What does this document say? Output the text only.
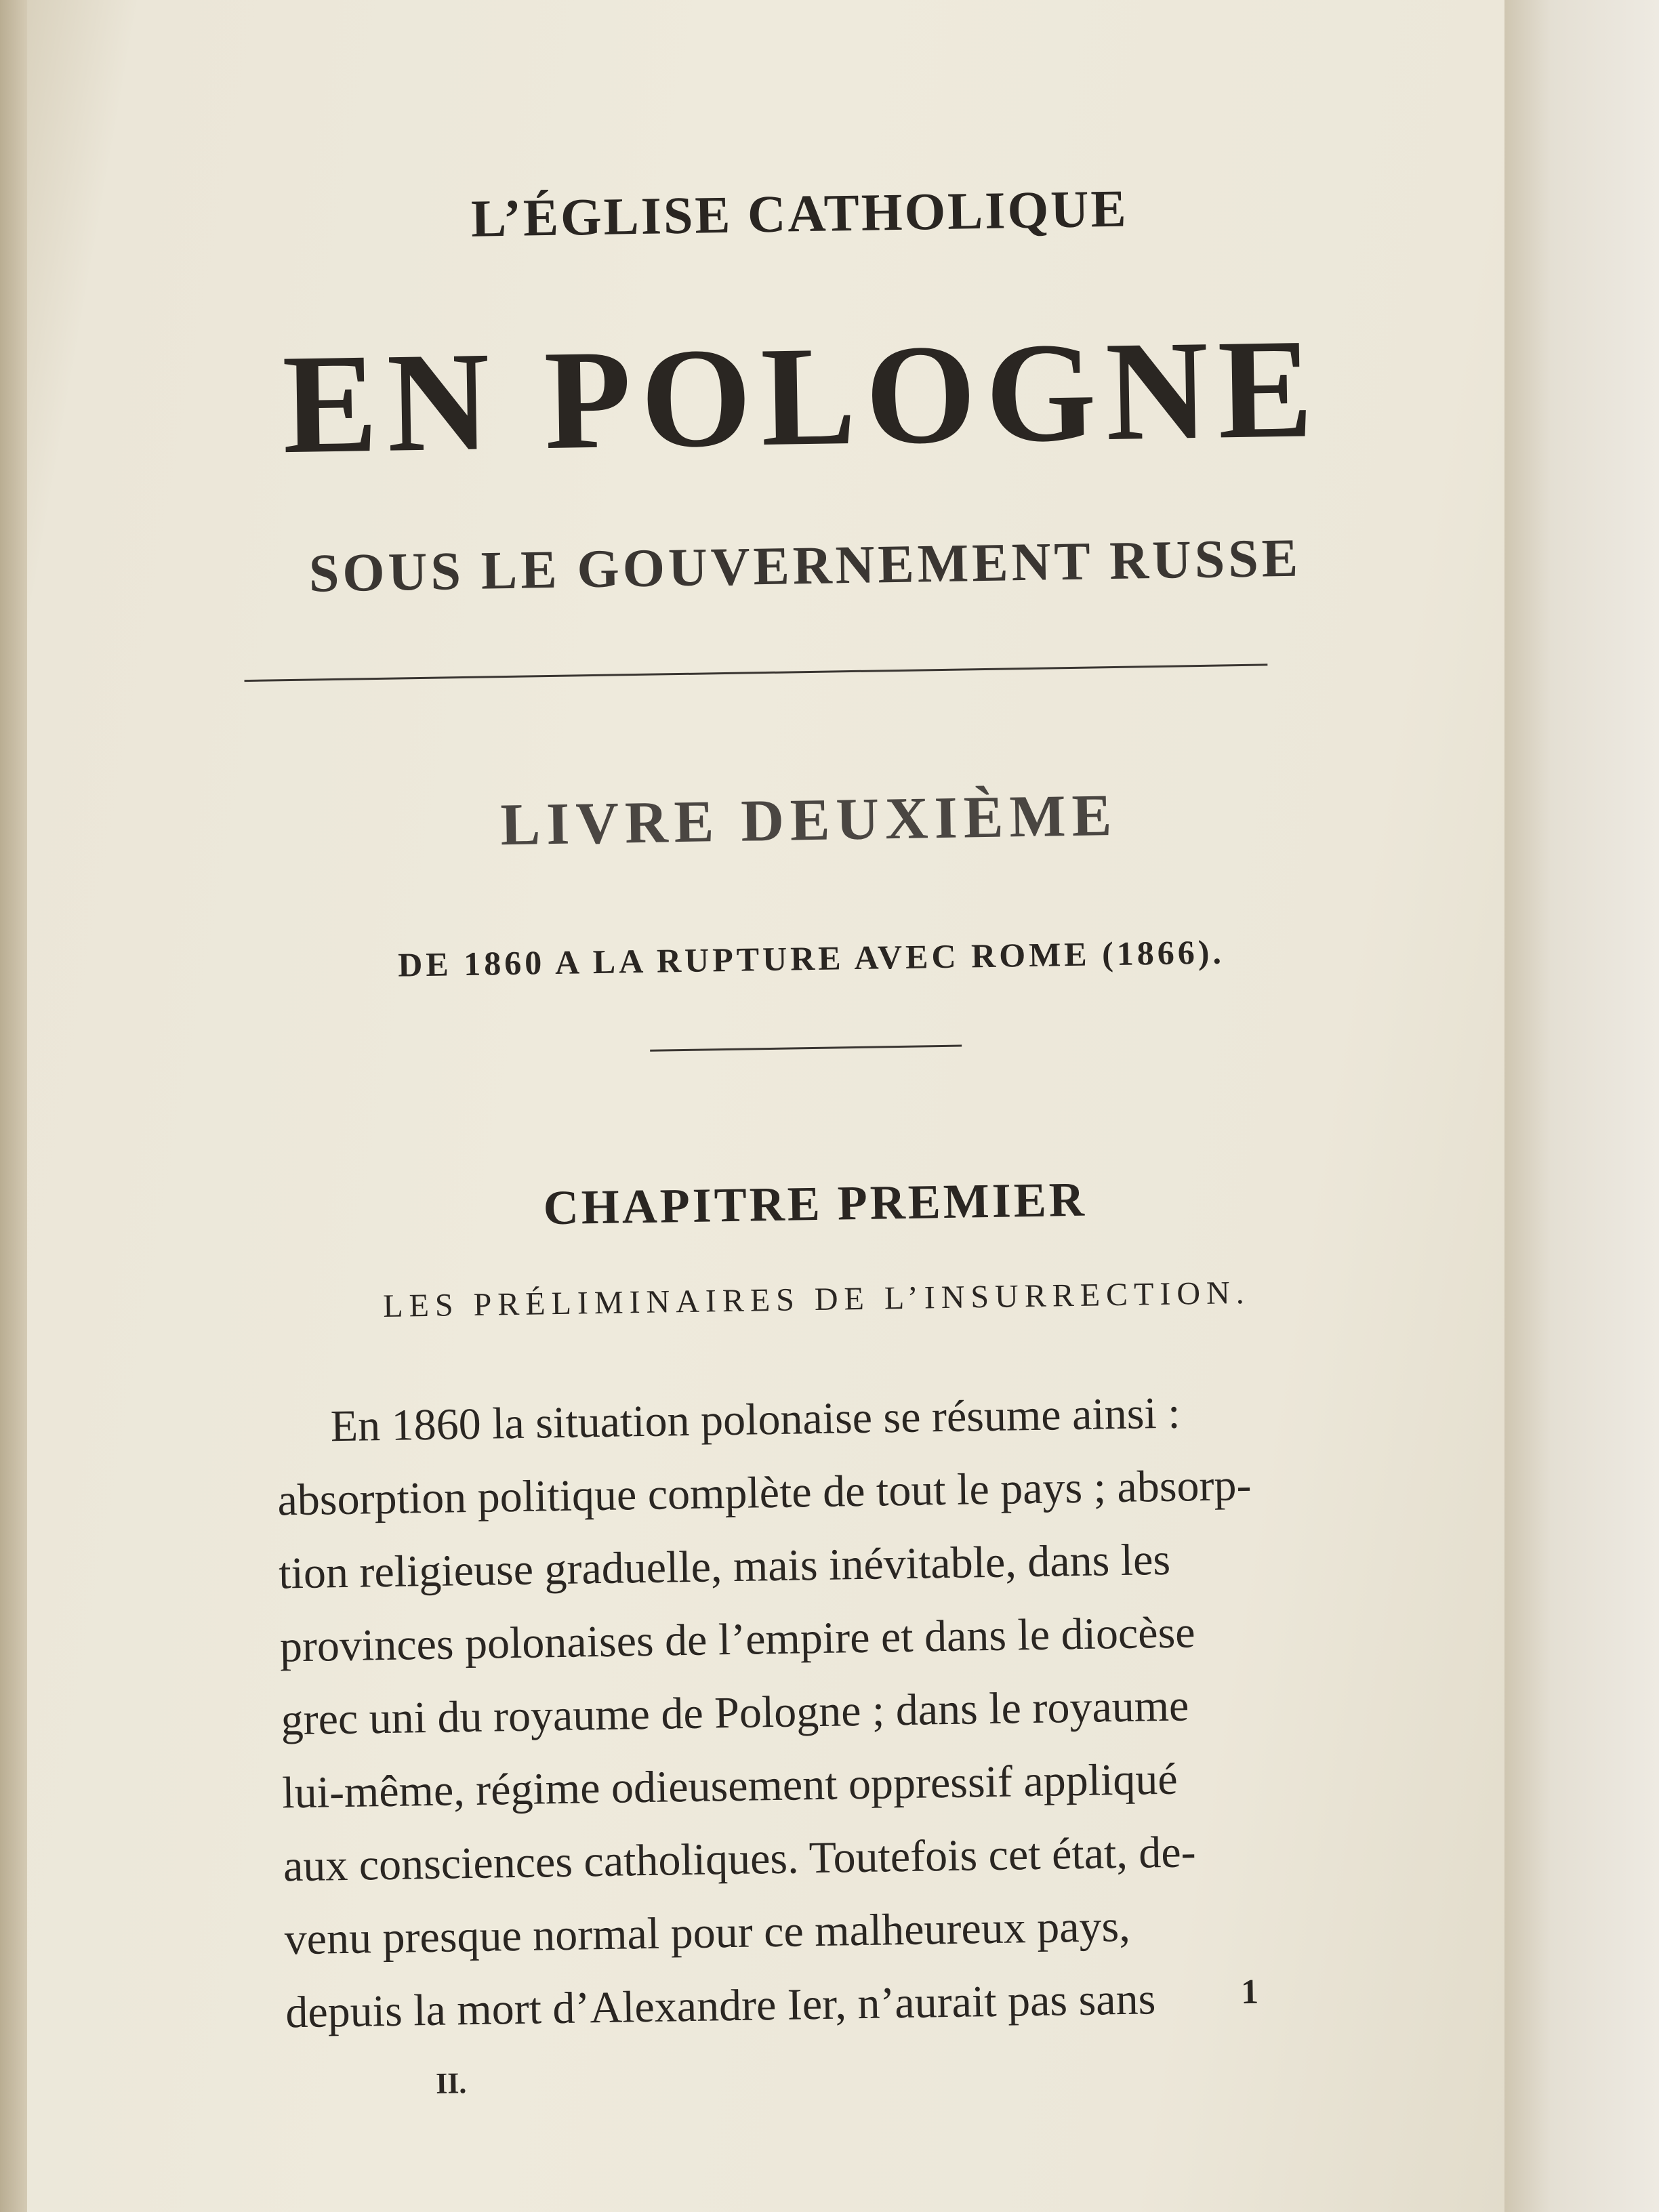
L’ÉGLISE CATHOLIQUE
EN POLOGNE
SOUS LE GOUVERNEMENT RUSSE
LIVRE DEUXIÈME
DE 1860 A LA RUPTURE AVEC ROME (1866).
CHAPITRE PREMIER
LES PRÉLIMINAIRES DE L’INSURRECTION.
En 1860 la situation polonaise se résume ainsi :
absorption politique complète de tout le pays ; absorp-
tion religieuse graduelle, mais inévitable, dans les
provinces polonaises de l’empire et dans le diocèse
grec uni du royaume de Pologne ; dans le royaume
lui-même, régime odieusement oppressif appliqué
aux consciences catholiques. Toutefois cet état, de-
venu presque normal pour ce malheureux pays,
depuis la mort d’Alexandre Ier, n’aurait pas sans	1
II.
